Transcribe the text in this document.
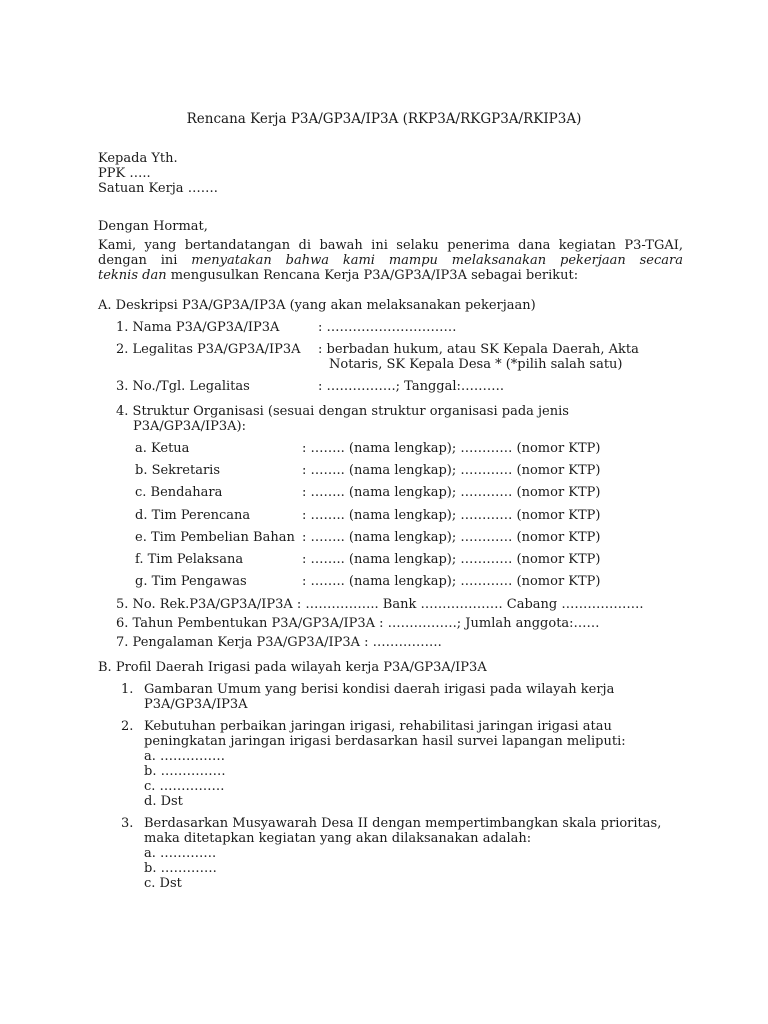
Rencana Kerja P3A/GP3A/IP3A (RKP3A/RKGP3A/RKIP3A)
Kepada Yth.
PPK …..
Satuan Kerja …….
Dengan Hormat,
Kami, yang bertandatangan di bawah ini selaku penerima dana kegiatan P3-TGAI,
dengan ini menyatakan bahwa kami mampu melaksanakan pekerjaan secara
teknis dan mengusulkan Rencana Kerja P3A/GP3A/IP3A sebagai berikut:
A. Deskripsi P3A/GP3A/IP3A (yang akan melaksanakan pekerjaan)
1. Nama P3A/GP3A/IP3A	: …………………………
2. Legalitas P3A/GP3A/IP3A : berbadan hukum, atau SK Kepala Daerah, Akta
Notaris, SK Kepala Desa * (*pilih salah satu)
3. No./Tgl. Legalitas	: …………….; Tanggal:……….
4. Struktur Organisasi (sesuai dengan struktur organisasi pada jenis
P3A/GP3A/IP3A):
a. Ketua	: …….. (nama lengkap); ………… (nomor KTP)
b. Sekretaris	: …….. (nama lengkap); ………… (nomor KTP)
c. Bendahara	: …….. (nama lengkap); ………… (nomor KTP)
d. Tim Perencana	: …….. (nama lengkap); ………… (nomor KTP)
e. Tim Pembelian Bahan : …….. (nama lengkap); ………… (nomor KTP)
f. Tim Pelaksana	: …….. (nama lengkap); ………… (nomor KTP)
g. Tim Pengawas	: …….. (nama lengkap); ………… (nomor KTP)
5. No. Rek.P3A/GP3A/IP3A : …………….. Bank ………………. Cabang ……………….
6. Tahun Pembentukan P3A/GP3A/IP3A : …………….; Jumlah anggota:……
7. Pengalaman Kerja P3A/GP3A/IP3A : …………….
B. Profil Daerah Irigasi pada wilayah kerja P3A/GP3A/IP3A
1. Gambaran Umum yang berisi kondisi daerah irigasi pada wilayah kerja
P3A/GP3A/IP3A
2. Kebutuhan perbaikan jaringan irigasi, rehabilitasi jaringan irigasi atau
peningkatan jaringan irigasi berdasarkan hasil survei lapangan meliputi:
a. ……………
b. ……………
c. ……………
d. Dst
3. Berdasarkan Musyawarah Desa II dengan mempertimbangkan skala prioritas,
maka ditetapkan kegiatan yang akan dilaksanakan adalah:
a. ………….
b. ………….
c. Dst
